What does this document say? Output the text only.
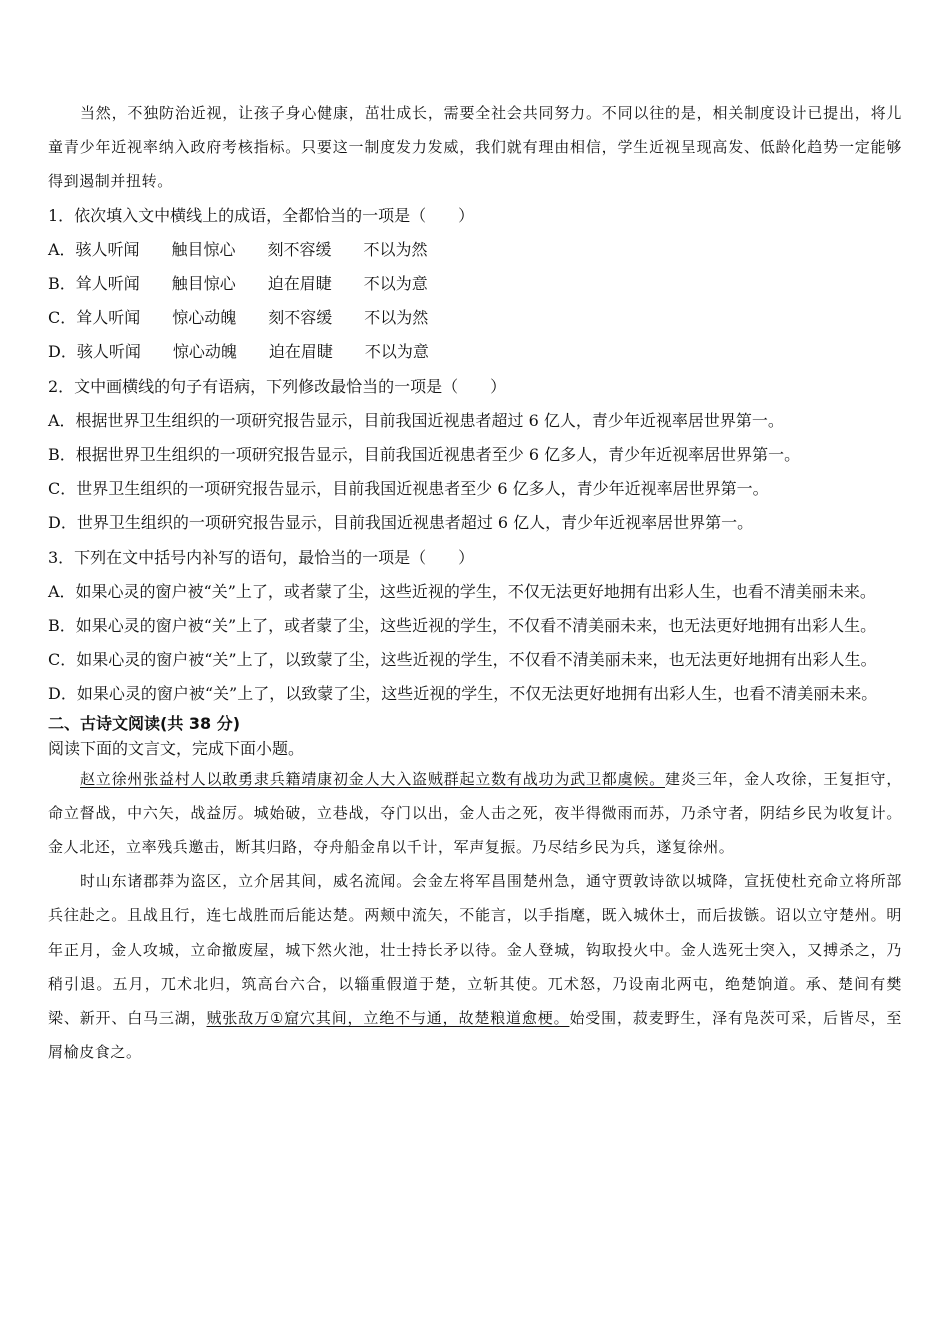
当然，不独防治近视，让孩子身心健康，茁壮成长，需要全社会共同努力。不同以往的是，相关制度设计已提出，将儿童青少年近视率纳入政府考核指标。只要这一制度发力发威，我们就有理由相信，学生近视呈现高发、低龄化趋势一定能够得到遏制并扭转。

1．依次填入文中横线上的成语，全都恰当的一项是（　　）

A．骇人听闻　　触目惊心　　刻不容缓　　不以为然

B．耸人听闻　　触目惊心　　迫在眉睫　　不以为意

C．耸人听闻　　惊心动魄　　刻不容缓　　不以为然

D．骇人听闻　　惊心动魄　　迫在眉睫　　不以为意

2．文中画横线的句子有语病，下列修改最恰当的一项是（　　）

A．根据世界卫生组织的一项研究报告显示，目前我国近视患者超过 6 亿人，青少年近视率居世界第一。

B．根据世界卫生组织的一项研究报告显示，目前我国近视患者至少 6 亿多人，青少年近视率居世界第一。

C．世界卫生组织的一项研究报告显示，目前我国近视患者至少 6 亿多人，青少年近视率居世界第一。

D．世界卫生组织的一项研究报告显示，目前我国近视患者超过 6 亿人，青少年近视率居世界第一。

3．下列在文中括号内补写的语句，最恰当的一项是（　　）

A．如果心灵的窗户被“关”上了，或者蒙了尘，这些近视的学生，不仅无法更好地拥有出彩人生，也看不清美丽未来。

B．如果心灵的窗户被“关”上了，或者蒙了尘，这些近视的学生，不仅看不清美丽未来，也无法更好地拥有出彩人生。

C．如果心灵的窗户被“关”上了，以致蒙了尘，这些近视的学生，不仅看不清美丽未来，也无法更好地拥有出彩人生。

D．如果心灵的窗户被“关”上了，以致蒙了尘，这些近视的学生，不仅无法更好地拥有出彩人生，也看不清美丽未来。

二、古诗文阅读(共 38 分)

阅读下面的文言文，完成下面小题。

赵立徐州张益村人以敢勇隶兵籍靖康初金人大入盗贼群起立数有战功为武卫都虞候。建炎三年，金人攻徐，王复拒守，命立督战，中六矢，战益厉。城始破，立巷战，夺门以出，金人击之死，夜半得微雨而苏，乃杀守者，阴结乡民为收复计。金人北还，立率残兵邀击，断其归路，夺舟船金帛以千计，军声复振。乃尽结乡民为兵，遂复徐州。

时山东诸郡莽为盗区，立介居其间，威名流闻。会金左将军昌围楚州急，通守贾敦诗欲以城降，宣抚使杜充命立将所部兵往赴之。且战且行，连七战胜而后能达楚。两颊中流矢，不能言，以手指麾，既入城休士，而后拔镞。诏以立守楚州。明年正月，金人攻城，立命撤废屋，城下然火池，壮士持长矛以待。金人登城，钩取投火中。金人选死士突入，又搏杀之，乃稍引退。五月，兀术北归，筑高台六合，以辎重假道于楚，立斩其使。兀术怒，乃设南北两屯，绝楚饷道。承、楚间有樊梁、新开、白马三湖，贼张敌万①窟穴其间，立绝不与通，故楚粮道愈梗。始受围，菽麦野生，泽有凫茨可采，后皆尽，至屑榆皮食之。
